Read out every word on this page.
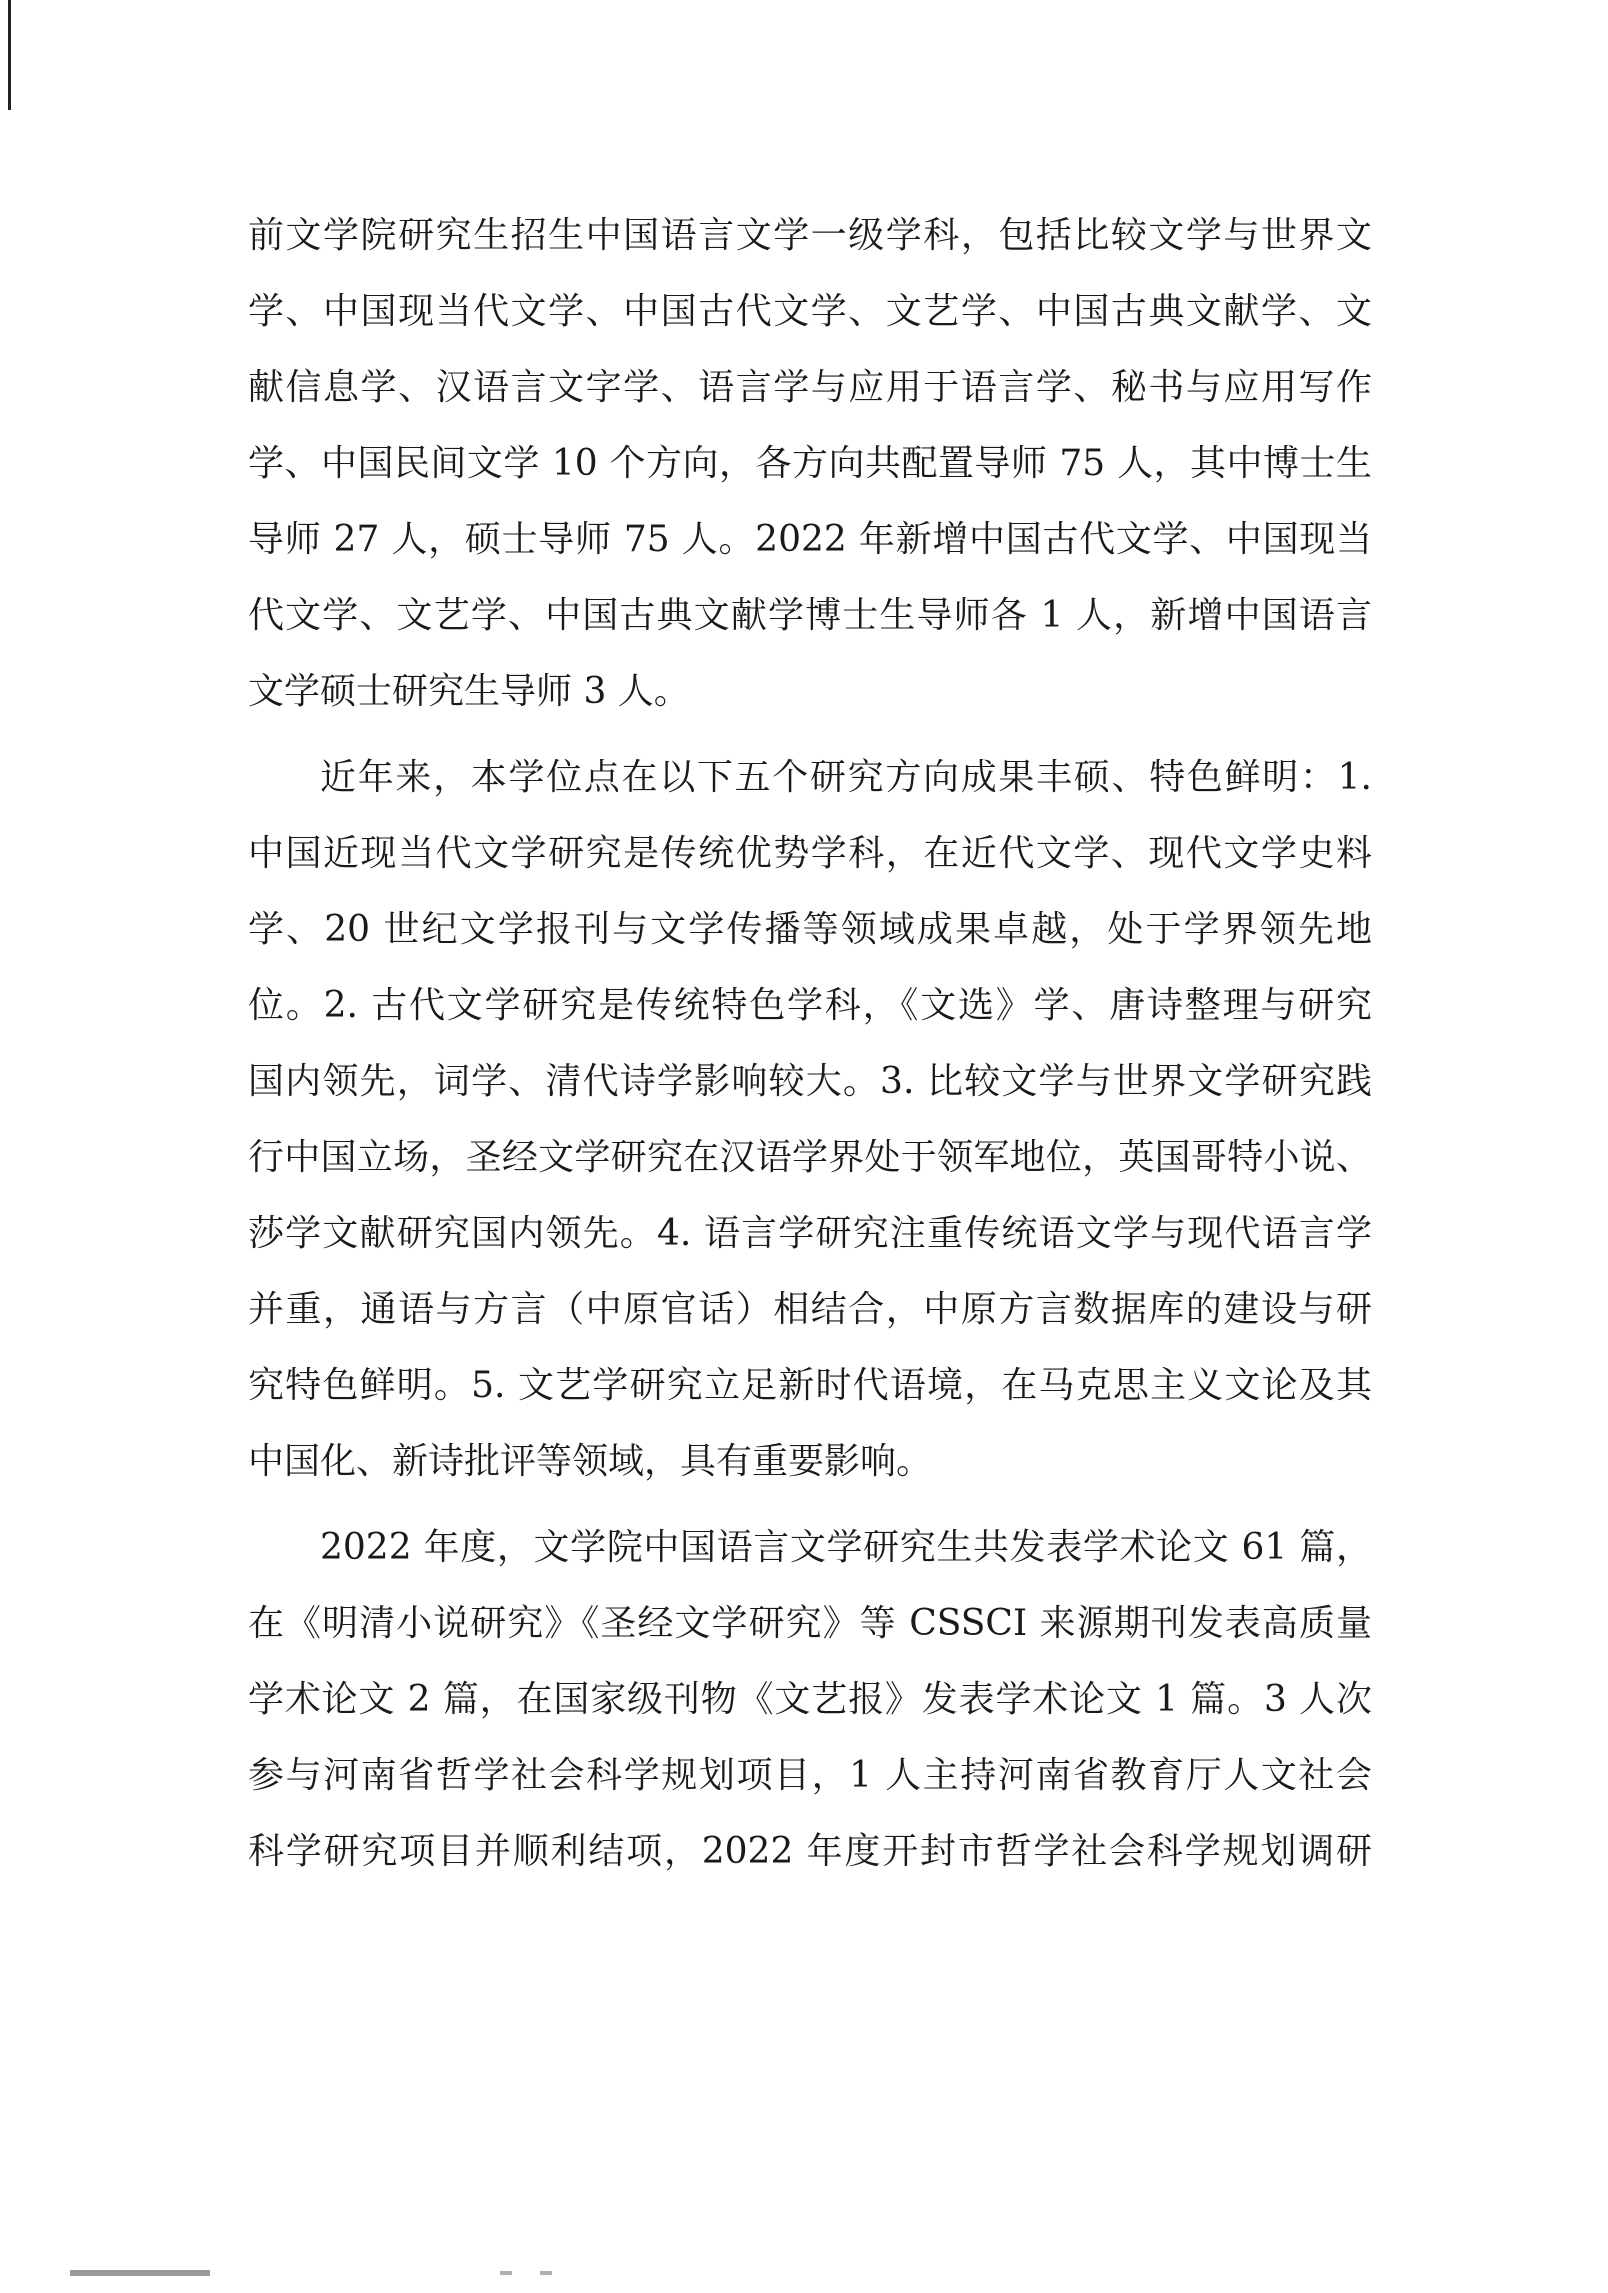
前文学院研究生招生中国语言文学一级学科，包括比较文学与世界文
学、中国现当代文学、中国古代文学、文艺学、中国古典文献学、文
献信息学、汉语言文字学、语言学与应用于语言学、秘书与应用写作
学、中国民间文学 10 个方向，各方向共配置导师 75 人，其中博士生
导师 27 人，硕士导师 75 人。2022 年新增中国古代文学、中国现当
代文学、文艺学、中国古典文献学博士生导师各 1 人，新增中国语言
文学硕士研究生导师 3 人。
近年来，本学位点在以下五个研究方向成果丰硕、特色鲜明：1.
中国近现当代文学研究是传统优势学科，在近代文学、现代文学史料
学、20 世纪文学报刊与文学传播等领域成果卓越，处于学界领先地
位。2. 古代文学研究是传统特色学科，《文选》学、唐诗整理与研究
国内领先，词学、清代诗学影响较大。3. 比较文学与世界文学研究践
行中国立场，圣经文学研究在汉语学界处于领军地位，英国哥特小说、
莎学文献研究国内领先。4. 语言学研究注重传统语文学与现代语言学
并重，通语与方言（中原官话）相结合，中原方言数据库的建设与研
究特色鲜明。5. 文艺学研究立足新时代语境，在马克思主义文论及其
中国化、新诗批评等领域，具有重要影响。
2022 年度，文学院中国语言文学研究生共发表学术论文 61 篇，
在《明清小说研究》《圣经文学研究》等 CSSCI 来源期刊发表高质量
学术论文 2 篇，在国家级刊物《文艺报》发表学术论文 1 篇。3 人次
参与河南省哲学社会科学规划项目，1 人主持河南省教育厅人文社会
科学研究项目并顺利结项，2022 年度开封市哲学社会科学规划调研
